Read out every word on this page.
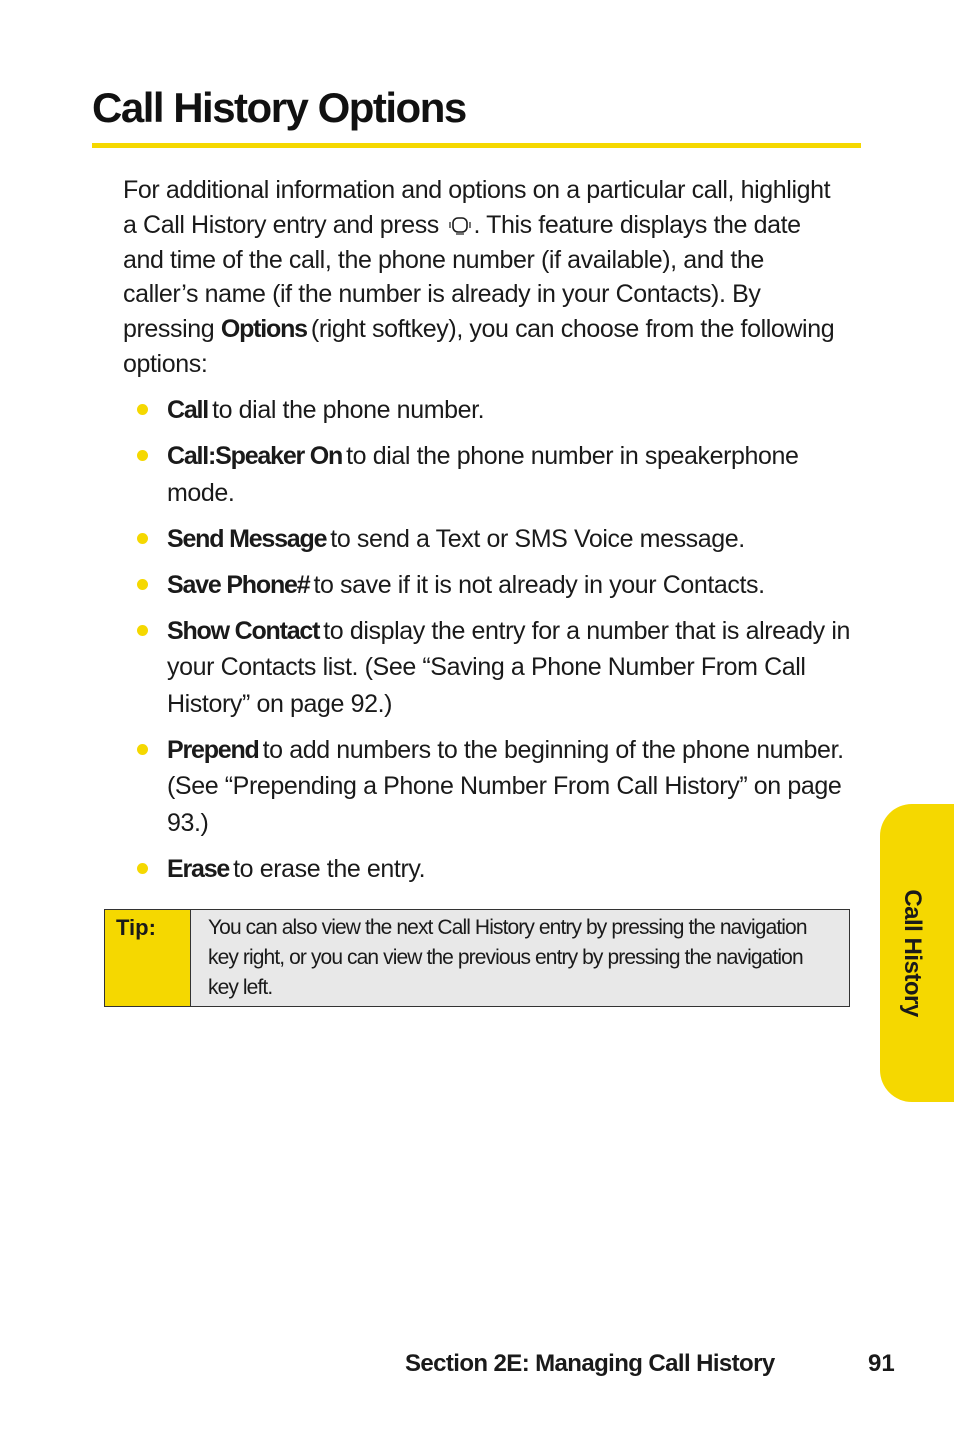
Call History Options

For additional information and options on a particular call, highlight a Call History entry and press . This feature displays the date and time of the call, the phone number (if available), and the caller’s name (if the number is already in your Contacts). By pressing Options (right softkey), you can choose from the following options:

Call to dial the phone number.
Call:Speaker On to dial the phone number in speakerphone mode.
Send Message to send a Text or SMS Voice message.
Save Phone# to save if it is not already in your Contacts.
Show Contact to display the entry for a number that is already in your Contacts list. (See “Saving a Phone Number From Call History” on page 92.)
Prepend to add numbers to the beginning of the phone number. (See “Prepending a Phone Number From Call History” on page 93.)
Erase to erase the entry.
Tip:	You can also view the next Call History entry by pressing the navigation key right, or you can view the previous entry by pressing the navigation key left.	Call History
Section 2E: Managing Call History	91
